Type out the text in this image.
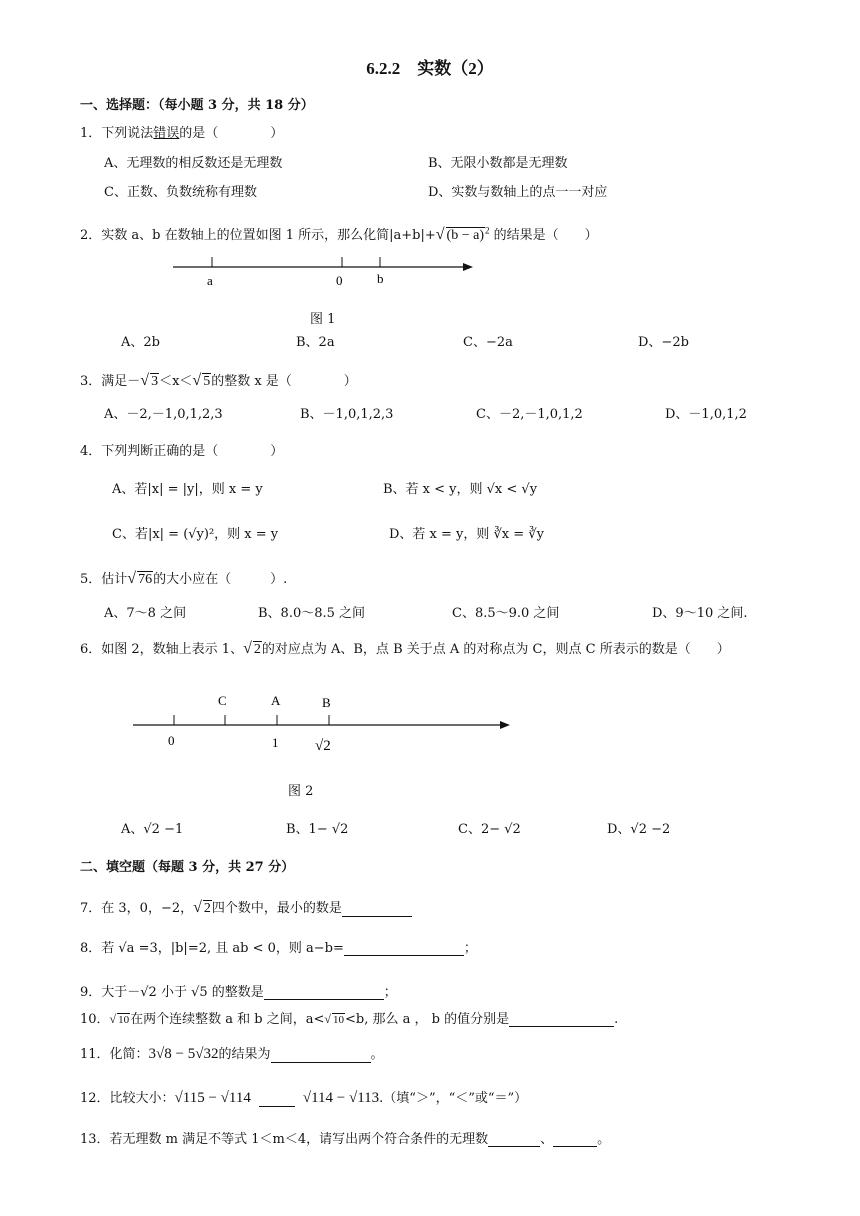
6.2.2　实数（2）
一、选择题：（每小题 3 分，共 18 分）
1．下列说法错误的是（　　　　）
A、无理数的相反数还是无理数	B、无限小数都是无理数
C、正数、负数统称有理数	D、实数与数轴上的点一一对应
2．实数 a、b 在数轴上的位置如图 1 所示，那么化简|a+b|+√ $(b - a)^2$ 的结果是（　　）
a	0	b
图 1
A、2b	B、2a	C、−2a	D、−2b
3．满足－√ 3＜x＜√ 5的整数 x 是（　　　　）
A、－2,－1,0,1,2,3	B、－1,0,1,2,3	C、－2,－1,0,1,2	D、－1,0,1,2
4．下列判断正确的是（　　　　）
A、若|x| = |y|，则 x = y	B、若 x < y，则 √x < √y
C、若|x| = (√y)²，则 x = y	D、若 x = y，则 ∛x = ∛y
5．估计√ 76的大小应在（　　　）.
A、7～8 之间	B、8.0～8.5 之间	C、8.5～9.0 之间	D、9～10 之间.
6．如图 2，数轴上表示 1、√ 2的对应点为 A、B，点 B 关于点 A 的对称点为 C，则点 C 所表示的数是（　　）
C	A	B
0	1 √2
图 2
A、√2 −1	B、1− √2	C、2− √2	D、√2 −2
二、填空题（每题 3 分，共 27 分）
7．在 3，0，−2，√ 2四个数中，最小的数是
8．若 √a =3，|b|=2, 且 ab < 0，则 a−b=	；
9．大于－√2 小于 √5 的整数是	；
10．√ 10在两个连续整数 a 和 b 之间，a<√ 10<b, 那么 a ， b 的值分别是	.
11．化简：3√8 − 5√32的结果为	。
12．比较大小：√115 − √114	√114 − √113.（填“＞”，“＜”或“＝”）
13．若无理数 m 满足不等式 1＜m＜4，请写出两个符合条件的无理数	、	。
